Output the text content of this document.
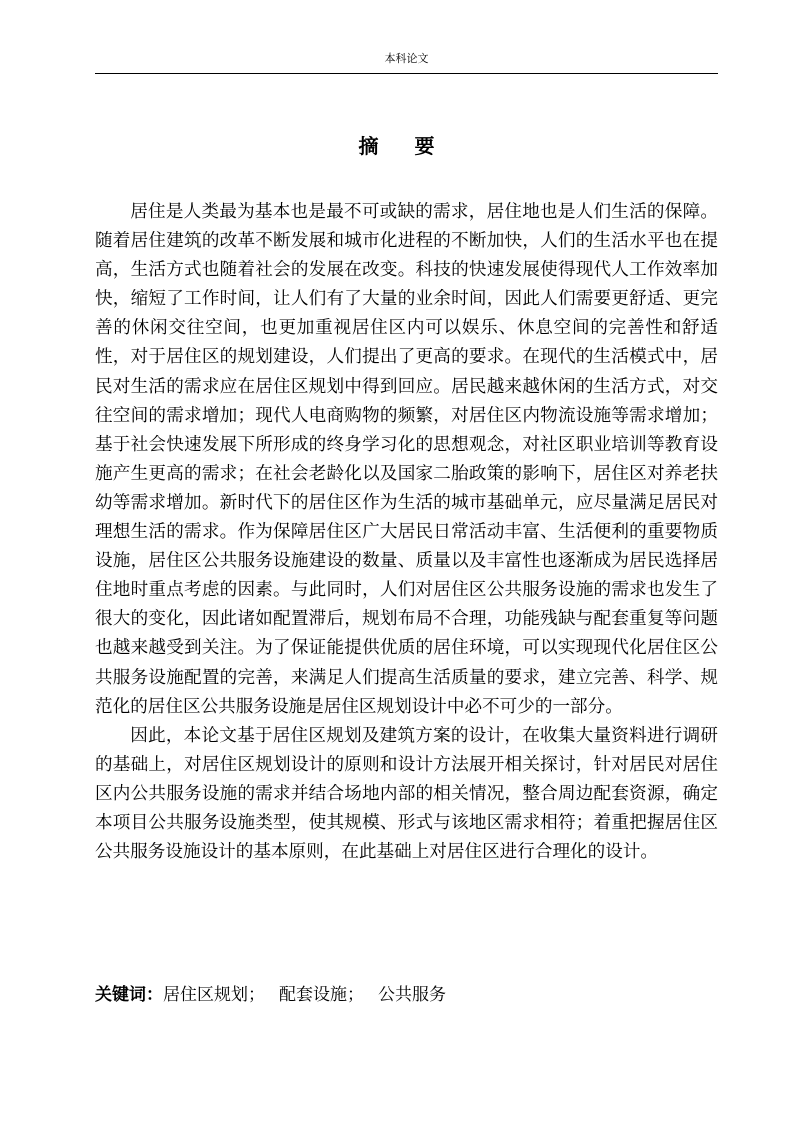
本科论文
摘要

居住是人类最为基本也是最不可或缺的需求，居住地也是人们生活的保障。随着居住建筑的改革不断发展和城市化进程的不断加快，人们的生活水平也在提高，生活方式也随着社会的发展在改变。科技的快速发展使得现代人工作效率加快，缩短了工作时间，让人们有了大量的业余时间，因此人们需要更舒适、更完善的休闲交往空间，也更加重视居住区内可以娱乐、休息空间的完善性和舒适性，对于居住区的规划建设，人们提出了更高的要求。在现代的生活模式中，居民对生活的需求应在居住区规划中得到回应。居民越来越休闲的生活方式，对交往空间的需求增加；现代人电商购物的频繁，对居住区内物流设施等需求增加；基于社会快速发展下所形成的终身学习化的思想观念，对社区职业培训等教育设施产生更高的需求；在社会老龄化以及国家二胎政策的影响下，居住区对养老扶幼等需求增加。新时代下的居住区作为生活的城市基础单元，应尽量满足居民对理想生活的需求。作为保障居住区广大居民日常活动丰富、生活便利的重要物质设施，居住区公共服务设施建设的数量、质量以及丰富性也逐渐成为居民选择居住地时重点考虑的因素。与此同时，人们对居住区公共服务设施的需求也发生了很大的变化，因此诸如配置滞后，规划布局不合理，功能残缺与配套重复等问题也越来越受到关注。为了保证能提供优质的居住环境，可以实现现代化居住区公共服务设施配置的完善，来满足人们提高生活质量的要求，建立完善、科学、规范化的居住区公共服务设施是居住区规划设计中必不可少的一部分。

因此，本论文基于居住区规划及建筑方案的设计，在收集大量资料进行调研的基础上，对居住区规划设计的原则和设计方法展开相关探讨，针对居民对居住区内公共服务设施的需求并结合场地内部的相关情况，整合周边配套资源，确定本项目公共服务设施类型，使其规模、形式与该地区需求相符；着重把握居住区公共服务设施设计的基本原则，在此基础上对居住区进行合理化的设计。

关键词：居住区规划； 配套设施； 公共服务
